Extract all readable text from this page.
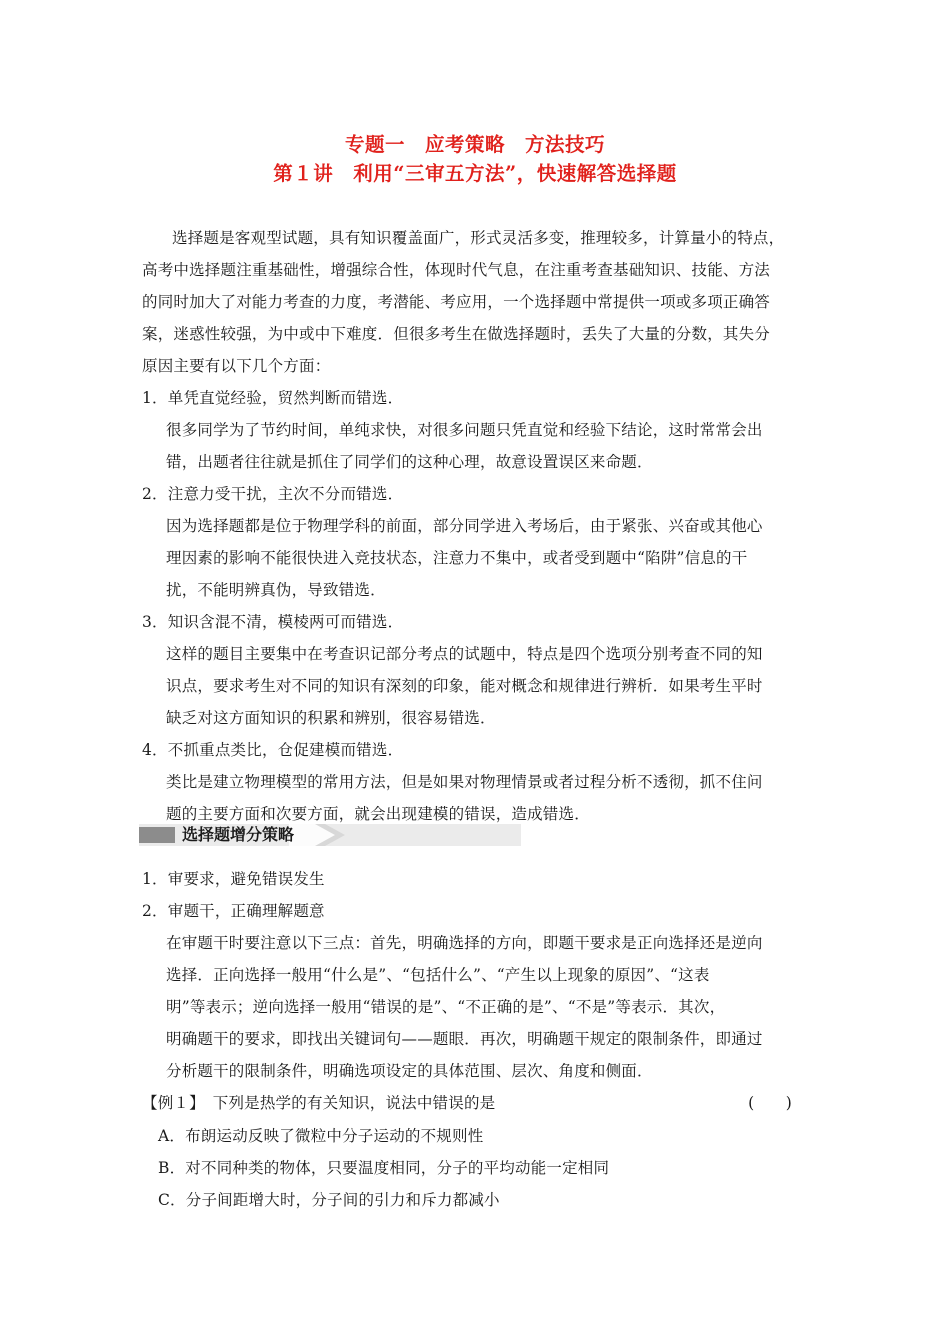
专题一　应考策略　方法技巧
第１讲　利用“三审五方法”，快速解答选择题
选择题是客观型试题，具有知识覆盖面广，形式灵活多变，推理较多，计算量小的特点，
高考中选择题注重基础性，增强综合性，体现时代气息，在注重考查基础知识、技能、方法
的同时加大了对能力考查的力度，考潜能、考应用，一个选择题中常提供一项或多项正确答
案，迷惑性较强，为中或中下难度．但很多考生在做选择题时，丢失了大量的分数，其失分
原因主要有以下几个方面：
1．单凭直觉经验，贸然判断而错选．
很多同学为了节约时间，单纯求快，对很多问题只凭直觉和经验下结论，这时常常会出
错，出题者往往就是抓住了同学们的这种心理，故意设置误区来命题．
2．注意力受干扰，主次不分而错选．
因为选择题都是位于物理学科的前面，部分同学进入考场后，由于紧张、兴奋或其他心
理因素的影响不能很快进入竞技状态，注意力不集中，或者受到题中“陷阱”信息的干
扰，不能明辨真伪，导致错选．
3．知识含混不清，模棱两可而错选．
这样的题目主要集中在考查识记部分考点的试题中，特点是四个选项分别考查不同的知
识点，要求考生对不同的知识有深刻的印象，能对概念和规律进行辨析．如果考生平时
缺乏对这方面知识的积累和辨别，很容易错选．
4．不抓重点类比，仓促建模而错选．
类比是建立物理模型的常用方法，但是如果对物理情景或者过程分析不透彻，抓不住问
题的主要方面和次要方面，就会出现建模的错误，造成错选．
选择题增分策略
1．审要求，避免错误发生
2．审题干，正确理解题意
在审题干时要注意以下三点：首先，明确选择的方向，即题干要求是正向选择还是逆向
选择．正向选择一般用“什么是”、“包括什么”、“产生以上现象的原因”、“这表
明”等表示；逆向选择一般用“错误的是”、“不正确的是”、“不是”等表示．其次，
明确题干的要求，即找出关键词句——题眼．再次，明确题干规定的限制条件，即通过
分析题干的限制条件，明确选项设定的具体范围、层次、角度和侧面．
【例１】　下列是热学的有关知识，说法中错误的是	(　　)
A．布朗运动反映了微粒中分子运动的不规则性
B．对不同种类的物体，只要温度相同，分子的平均动能一定相同
C．分子间距增大时，分子间的引力和斥力都减小
